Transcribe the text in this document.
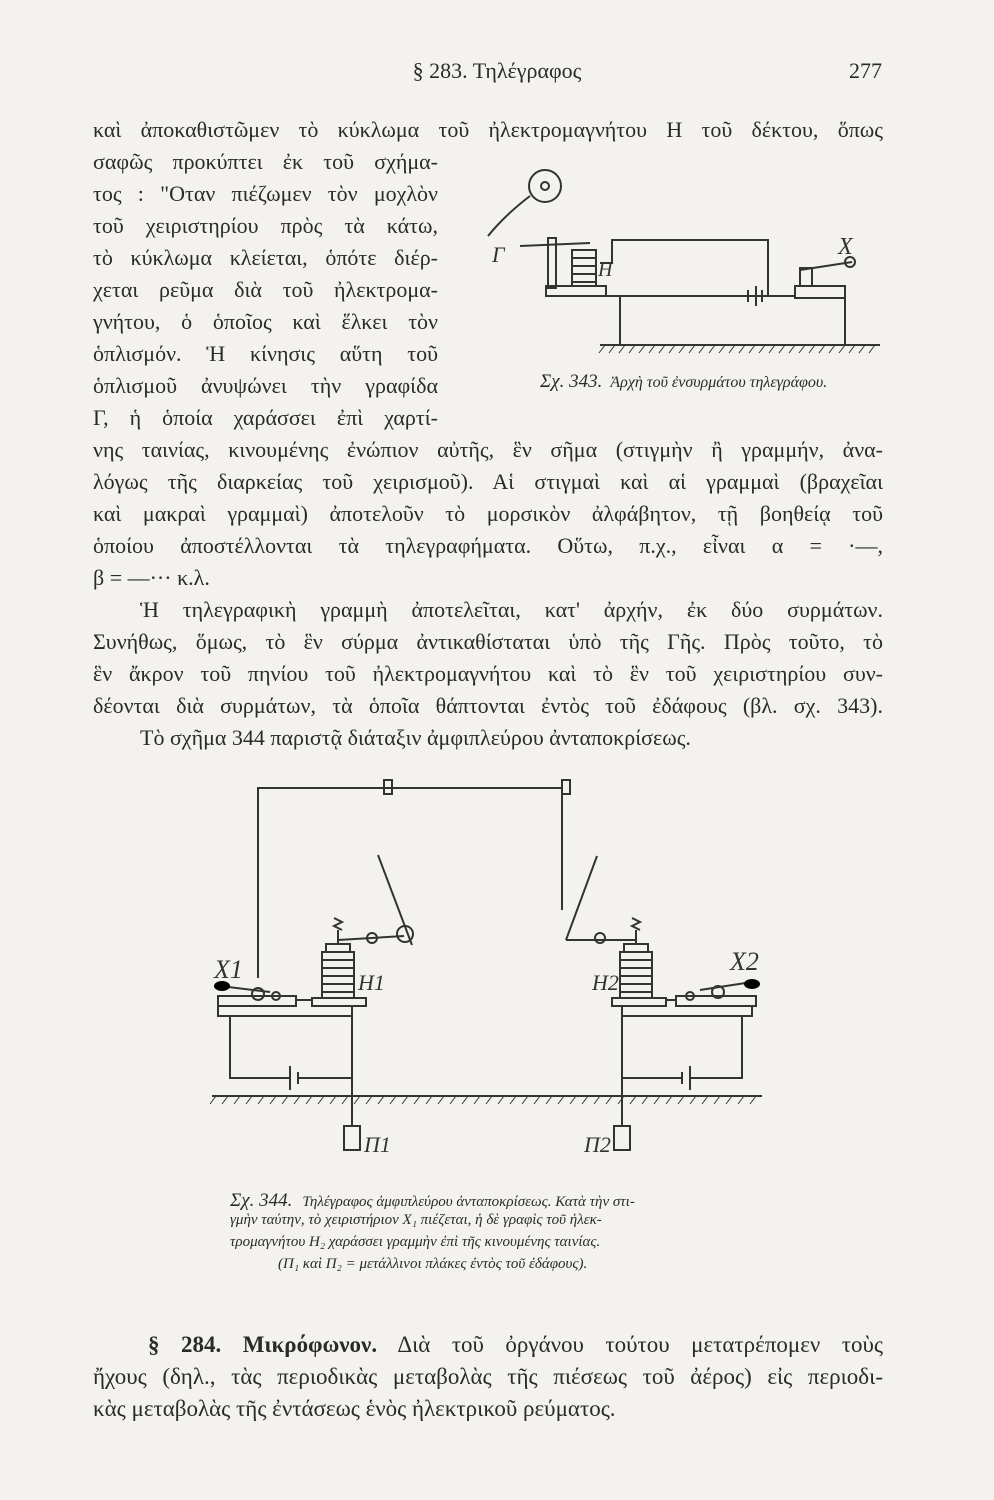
§ 283. Τηλέγραφος	277
καὶ ἀποκαθιστῶμεν τὸ κύκλωμα τοῦ ἠλεκτρομαγνήτου Η τοῦ δέκτου, ὅπως
σαφῶς προκύπτει ἐκ τοῦ σχήμα-
τος : "Οταν πιέζωμεν τὸν μοχλὸν
τοῦ χειριστηρίου πρὸς τὰ κάτω,
τὸ κύκλωμα κλείεται, ὁπότε διέρ-
χεται ρεῦμα διὰ τοῦ ἠλεκτρομα-
γνήτου, ὁ ὁποῖος καὶ ἕλκει τὸν
ὁπλισμόν. Ἡ κίνησις αὕτη τοῦ
ὁπλισμοῦ ἀνυψώνει τὴν γραφίδα
Γ, ἡ ὁποία χαράσσει ἐπὶ χαρτί-
Σχ. 343. Ἀρχὴ τοῦ ἐνσυρμάτου τηλεγράφου.
νης ταινίας, κινουμένης ἐνώπιον αὐτῆς, ἓν σῆμα (στιγμὴν ἢ γραμμήν, ἀνα-
λόγως τῆς διαρκείας τοῦ χειρισμοῦ). Αἱ στιγμαὶ καὶ αἱ γραμμαὶ (βραχεῖαι
καὶ μακραὶ γραμμαὶ) ἀποτελοῦν τὸ μορσικὸν ἀλφάβητον, τῇ βοηθείᾳ τοῦ
ὁποίου ἀποστέλλονται τὰ τηλεγραφήματα. Οὕτω, π.χ., εἶναι α = ·—,
β = —··· κ.λ.
Ἡ τηλεγραφικὴ γραμμὴ ἀποτελεῖται, κατ' ἀρχήν, ἐκ δύο συρμάτων.
Συνήθως, ὅμως, τὸ ἓν σύρμα ἀντικαθίσταται ὑπὸ τῆς Γῆς. Πρὸς τοῦτο, τὸ
ἓν ἄκρον τοῦ πηνίου τοῦ ἠλεκτρομαγνήτου καὶ τὸ ἓν τοῦ χειριστηρίου συν-
δέονται διὰ συρμάτων, τὰ ὁποῖα θάπτονται ἐντὸς τοῦ ἐδάφους (βλ. σχ. 343).
Τὸ σχῆμα 344 παριστᾷ διάταξιν ἀμφιπλεύρου ἀνταποκρίσεως.
Σχ. 344. Τηλέγραφος ἀμφιπλεύρου ἀνταποκρίσεως. Κατὰ τὴν στι-
γμὴν ταύτην, τὸ χειριστήριον X₁ πιέζεται, ἡ δὲ γραφὶς τοῦ ἠλεκ-
τρομαγνήτου H₂ χαράσσει γραμμὴν ἐπὶ τῆς κινουμένης ταινίας.
(Π₁ καὶ Π₂ = μετάλλινοι πλάκες ἐντὸς τοῦ ἐδάφους).
§ 284. Μικρόφωνον. Διὰ τοῦ ὀργάνου τούτου μετατρέπομεν τοὺς
ἤχους (δηλ., τὰς περιοδικὰς μεταβολὰς τῆς πιέσεως τοῦ ἀέρος) εἰς περιοδι-
κὰς μεταβολὰς τῆς ἐντάσεως ἑνὸς ἠλεκτρικοῦ ρεύματος.
Γ
Η
X
X1	H1	H2
X2
Π1	Π2
